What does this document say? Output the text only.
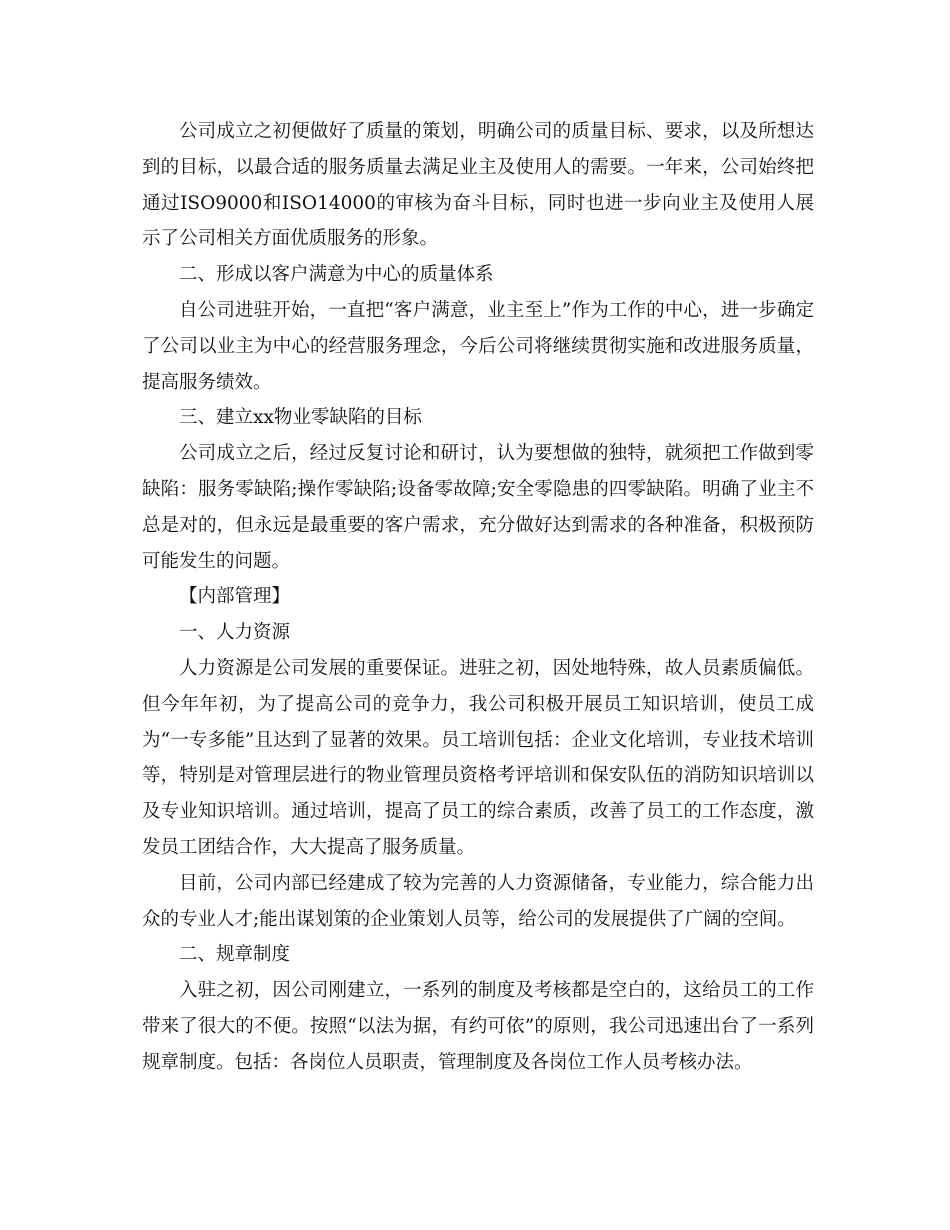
公司成立之初便做好了质量的策划，明确公司的质量目标、要求，以及所想达到的目标，以最合适的服务质量去满足业主及使用人的需要。一年来，公司始终把通过ISO9000和ISO14000的审核为奋斗目标，同时也进一步向业主及使用人展示了公司相关方面优质服务的形象。

二、形成以客户满意为中心的质量体系

自公司进驻开始，一直把“客户满意，业主至上”作为工作的中心，进一步确定了公司以业主为中心的经营服务理念，今后公司将继续贯彻实施和改进服务质量，提高服务绩效。

三、建立xx物业零缺陷的目标

公司成立之后，经过反复讨论和研讨，认为要想做的独特，就须把工作做到零缺陷：服务零缺陷;操作零缺陷;设备零故障;安全零隐患的四零缺陷。明确了业主不总是对的，但永远是最重要的客户需求，充分做好达到需求的各种准备，积极预防可能发生的问题。

【内部管理】

一、人力资源

人力资源是公司发展的重要保证。进驻之初，因处地特殊，故人员素质偏低。但今年年初，为了提高公司的竞争力，我公司积极开展员工知识培训，使员工成为“一专多能”且达到了显著的效果。员工培训包括：企业文化培训，专业技术培训等，特别是对管理层进行的物业管理员资格考评培训和保安队伍的消防知识培训以及专业知识培训。通过培训，提高了员工的综合素质，改善了员工的工作态度，激发员工团结合作，大大提高了服务质量。

目前，公司内部已经建成了较为完善的人力资源储备，专业能力，综合能力出众的专业人才;能出谋划策的企业策划人员等，给公司的发展提供了广阔的空间。

二、规章制度

入驻之初，因公司刚建立，一系列的制度及考核都是空白的，这给员工的工作带来了很大的不便。按照“以法为据，有约可依”的原则，我公司迅速出台了一系列规章制度。包括：各岗位人员职责，管理制度及各岗位工作人员考核办法。
